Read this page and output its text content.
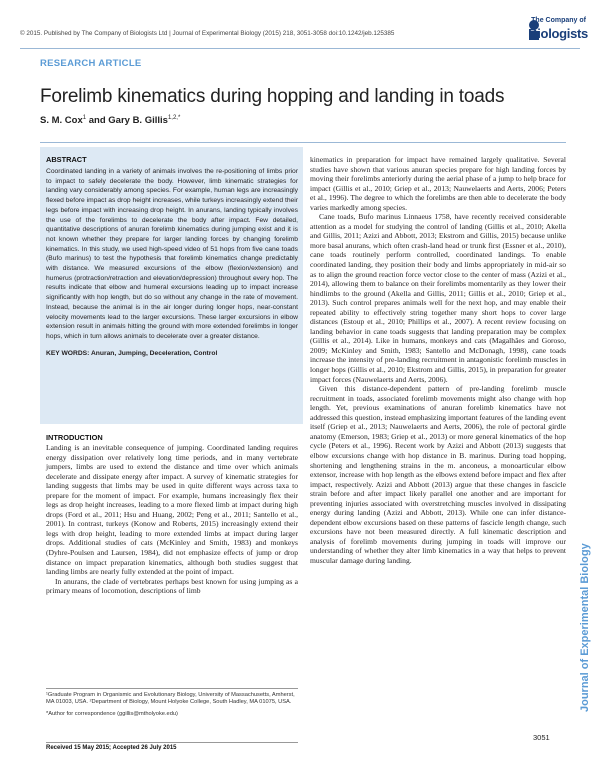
© 2015. Published by The Company of Biologists Ltd | Journal of Experimental Biology (2015) 218, 3051-3058 doi:10.1242/jeb.125385
The Company of
Biologists
RESEARCH ARTICLE
Forelimb kinematics during hopping and landing in toads
S. M. Cox$^1$ and Gary B. Gillis$^{1,2,*}$

ABSTRACT

Coordinated landing in a variety of animals involves the re-positioning of limbs prior to impact to safely decelerate the body. However, limb kinematic strategies for landing vary considerably among species. For example, human legs are increasingly flexed before impact as drop height increases, while turkeys increasingly extend their legs before impact with increasing drop height. In anurans, landing typically involves the use of the forelimbs to decelerate the body after impact. Few detailed, quantitative descriptions of anuran forelimb kinematics during jumping exist and it is not known whether they prepare for larger landing forces by changing forelimb kinematics. In this study, we used high-speed video of 51 hops from five cane toads (Bufo marinus) to test the hypothesis that forelimb kinematics change predictably with distance. We measured excursions of the elbow (flexion/extension) and humerus (protraction/retraction and elevation/depression) throughout every hop. The results indicate that elbow and humeral excursions leading up to impact increase significantly with hop length, but do so without any change in the rate of movement. Instead, because the animal is in the air longer during longer hops, near-constant velocity movements lead to the larger excursions. These larger excursions in elbow extension result in animals hitting the ground with more extended forelimbs in longer hops, which in turn allows animals to decelerate over a greater distance.

KEY WORDS: Anuran, Jumping, Deceleration, Control

INTRODUCTION

Landing is an inevitable consequence of jumping. Coordinated landing requires energy dissipation over relatively long time periods, and in many vertebrate jumpers, limbs are used to extend the distance and time over which animals decelerate and dissipate energy after impact. A survey of kinematic strategies for landing suggests that limbs may be used in quite different ways across taxa to prepare for the moment of impact. For example, humans increasingly flex their legs as drop height increases, leading to a more flexed limb at impact during high drops (Ford et al., 2011; Hsu and Huang, 2002; Peng et al., 2011; Santello et al., 2001). In contrast, turkeys (Konow and Roberts, 2015) increasingly extend their legs with drop height, leading to more extended limbs at impact during larger drops. Additional studies of cats (McKinley and Smith, 1983) and monkeys (Dyhre-Poulsen and Laursen, 1984), did not emphasize effects of jump or drop distance on impact preparation kinematics, although both studies suggest that landing limbs are nearly fully extended at the point of impact.

In anurans, the clade of vertebrates perhaps best known for using jumping as a primary means of locomotion, descriptions of limb

kinematics in preparation for impact have remained largely qualitative. Several studies have shown that various anuran species prepare for high landing forces by moving their forelimbs anteriorly during the aerial phase of a jump to help brace for impact (Gillis et al., 2010; Griep et al., 2013; Nauwelaerts and Aerts, 2006; Peters et al., 1996). The degree to which the forelimbs are then able to decelerate the body varies markedly among species.

Cane toads, Bufo marinus Linnaeus 1758, have recently received considerable attention as a model for studying the control of landing (Gillis et al., 2010; Akella and Gillis, 2011; Azizi and Abbott, 2013; Ekstrom and Gillis, 2015) because unlike more basal anurans, which often crash-land head or trunk first (Essner et al., 2010), cane toads routinely perform controlled, coordinated landings. To enable coordinated landing, they position their body and limbs appropriately in mid-air so as to align the ground reaction force vector close to the center of mass (Azizi et al., 2014), allowing them to balance on their forelimbs momentarily as they lower their hindlimbs to the ground (Akella and Gillis, 2011; Gillis et al., 2010; Griep et al., 2013). Such control prepares animals well for the next hop, and may enable their repeated ability to effectively string together many short hops to cover large distances (Estoup et al., 2010; Phillips et al., 2007). A recent review focusing on landing behavior in cane toads suggests that landing preparation may be complex (Gillis et al., 2014). Like in humans, monkeys and cats (Magalhães and Goroso, 2009; McKinley and Smith, 1983; Santello and McDonagh, 1998), cane toads increase the intensity of pre-landing recruitment in antagonistic forelimb muscles in longer hops (Gillis et al., 2010; Ekstrom and Gillis, 2015), in preparation for greater impact forces (Nauwelaerts and Aerts, 2006).

Given this distance-dependent pattern of pre-landing forelimb muscle recruitment in toads, associated forelimb movements might also change with hop length. Yet, previous examinations of anuran forelimb kinematics have not addressed this question, instead emphasizing important features of the landing event itself (Griep et al., 2013; Nauwelaerts and Aerts, 2006), the role of pectoral girdle anatomy (Emerson, 1983; Griep et al., 2013) or more general kinematics of the hop cycle (Peters et al., 1996). Recent work by Azizi and Abbott (2013) suggests that elbow excursions change with hop distance in B. marinus. During toad hopping, shortening and lengthening strains in the m. anconeus, a monoarticular elbow extensor, increase with hop length as the elbows extend before impact and flex after impact, respectively. Azizi and Abbott (2013) argue that these changes in fascicle strain before and after impact likely parallel one another and are important for preventing injuries associated with overstretching muscles involved in dissipating energy during landing (Azizi and Abbott, 2013). While one can infer distance-dependent elbow excursions based on these patterns of fascicle length change, such excursions have not been measured directly. A full kinematic description and analysis of forelimb movements during jumping in toads will improve our understanding of whether they alter limb kinematics in a way that helps to prevent muscular damage during landing.

¹Graduate Program in Organismic and Evolutionary Biology, University of Massachusetts, Amherst, MA 01003, USA. ²Department of Biology, Mount Holyoke College, South Hadley, MA 01075, USA.

*Author for correspondence (ggillis@mtholyoke.edu)

Received 15 May 2015; Accepted 26 July 2015
3051
Journal of Experimental Biology
